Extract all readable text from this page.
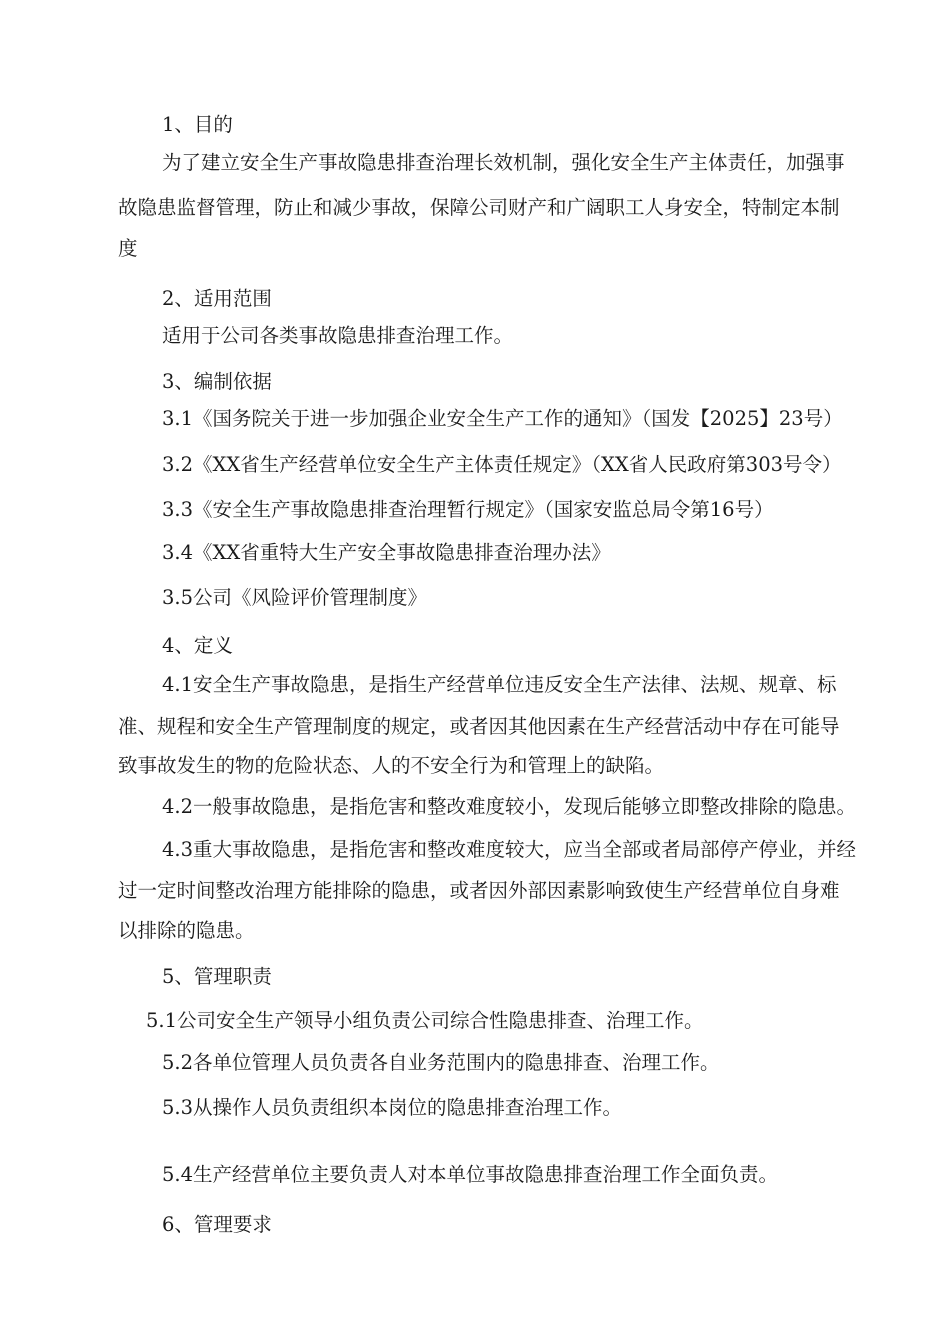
1、目的

为了建立安全生产事故隐患排查治理长效机制，强化安全生产主体责任，加强事

故隐患监督管理，防止和减少事故，保障公司财产和广阔职工人身安全，特制定本制

度

2、适用范围

适用于公司各类事故隐患排查治理工作。

3、编制依据

3.1《国务院关于进一步加强企业安全生产工作的通知》（国发【2025】23号）

3.2《XX省生产经营单位安全生产主体责任规定》（XX省人民政府第303号令）

3.3《安全生产事故隐患排查治理暂行规定》（国家安监总局令第16号）

3.4《XX省重特大生产安全事故隐患排查治理办法》

3.5公司《风险评价管理制度》

4、定义

4.1安全生产事故隐患，是指生产经营单位违反安全生产法律、法规、规章、标

准、规程和安全生产管理制度的规定，或者因其他因素在生产经营活动中存在可能导

致事故发生的物的危险状态、人的不安全行为和管理上的缺陷。

4.2一般事故隐患，是指危害和整改难度较小，发现后能够立即整改排除的隐患。

4.3重大事故隐患，是指危害和整改难度较大，应当全部或者局部停产停业，并经

过一定时间整改治理方能排除的隐患，或者因外部因素影响致使生产经营单位自身难

以排除的隐患。

5、管理职责

5.1公司安全生产领导小组负责公司综合性隐患排查、治理工作。

5.2各单位管理人员负责各自业务范围内的隐患排查、治理工作。

5.3从操作人员负责组织本岗位的隐患排查治理工作。

5.4生产经营单位主要负责人对本单位事故隐患排查治理工作全面负责。

6、管理要求
